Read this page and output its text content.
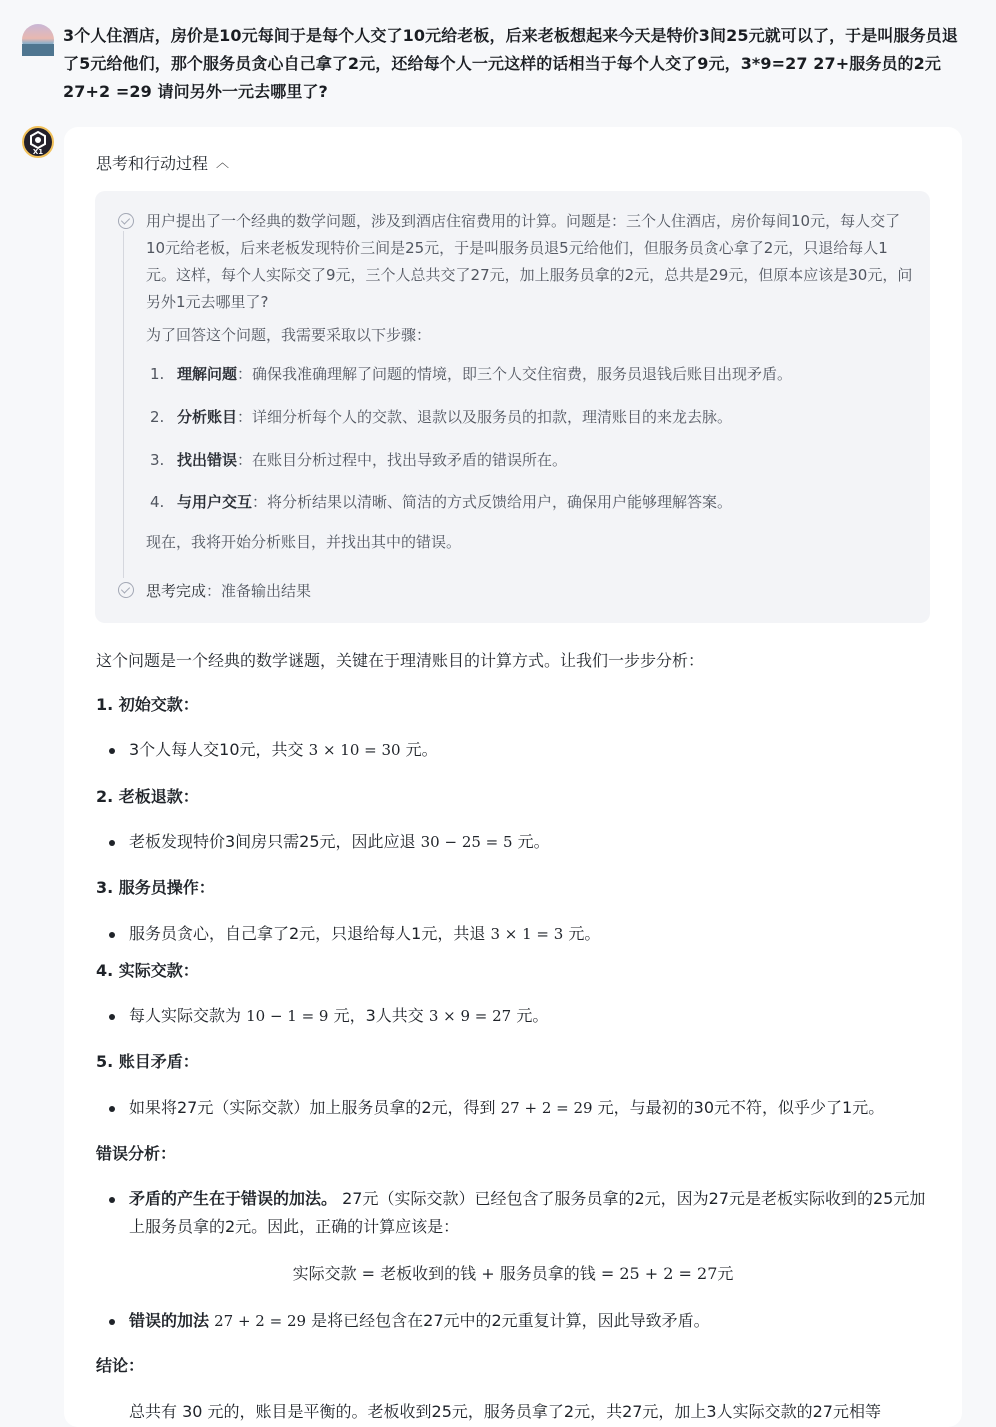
3个人住酒店，房价是10元每间于是每个人交了10元给老板，后来老板想起来今天是特价3间25元就可以了，于是叫服务员退了5元给他们，那个服务员贪心自己拿了2元，还给每个人一元这样的话相当于每个人交了9元，3*9=27 27+服务员的2元 27+2 =29 请问另外一元去哪里了?
X1
思考和行动过程 ︿
用户提出了一个经典的数学问题，涉及到酒店住宿费用的计算。问题是：三个人住酒店，房价每间10元，每人交了10元给老板，后来老板发现特价三间是25元，于是叫服务员退5元给他们，但服务员贪心拿了2元，只退给每人1元。这样，每个人实际交了9元，三个人总共交了27元，加上服务员拿的2元，总共是29元，但原本应该是30元，问另外1元去哪里了?
为了回答这个问题，我需要采取以下步骤：
1. 理解问题：确保我准确理解了问题的情境，即三个人交住宿费，服务员退钱后账目出现矛盾。
2. 分析账目：详细分析每个人的交款、退款以及服务员的扣款，理清账目的来龙去脉。
3. 找出错误：在账目分析过程中，找出导致矛盾的错误所在。
4. 与用户交互：将分析结果以清晰、简洁的方式反馈给用户，确保用户能够理解答案。
现在，我将开始分析账目，并找出其中的错误。
思考完成：准备输出结果
这个问题是一个经典的数学谜题，关键在于理清账目的计算方式。让我们一步步分析：
1. 初始交款：
3个人每人交10元，共交 3 × 10 = 30 元。
2. 老板退款：
老板发现特价3间房只需25元，因此应退 30 − 25 = 5 元。
3. 服务员操作：
服务员贪心，自己拿了2元，只退给每人1元，共退 3 × 1 = 3 元。
4. 实际交款：
每人实际交款为 10 − 1 = 9 元，3人共交 3 × 9 = 27 元。
5. 账目矛盾：
如果将27元（实际交款）加上服务员拿的2元，得到 27 + 2 = 29 元，与最初的30元不符，似乎少了1元。
错误分析：
矛盾的产生在于错误的加法。 27元（实际交款）已经包含了服务员拿的2元，因为27元是老板实际收到的25元加上服务员拿的2元。因此，正确的计算应该是：
实际交款 = 老板收到的钱 + 服务员拿的钱 = 25 + 2 = 27元
错误的加法 27 + 2 = 29 是将已经包含在27元中的2元重复计算，因此导致矛盾。
结论：
总共有 30 元的，账目是平衡的。老板收到25元，服务员拿了2元，共27元，加上3人实际交款的27元相等
